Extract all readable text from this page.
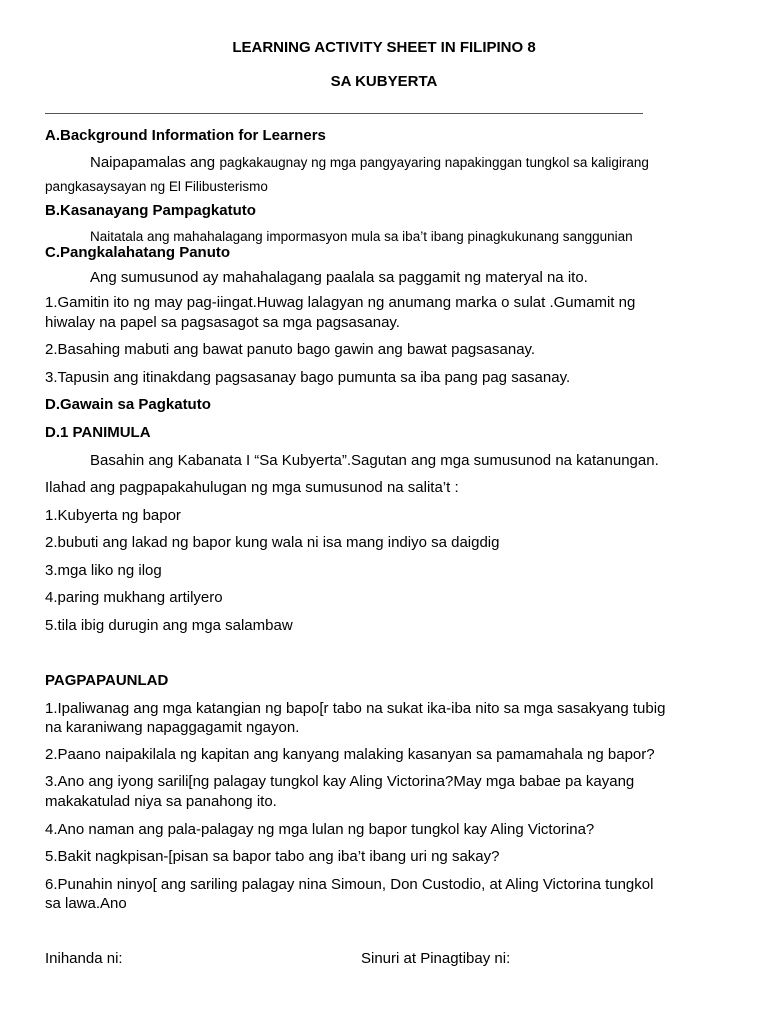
LEARNING ACTIVITY SHEET IN FILIPINO 8
SA KUBYERTA
A.Background Information for Learners
Naipapamalas ang pagkakaugnay ng mga pangyayaring napakinggan tungkol sa kaligirang
pangkasaysayan ng El Filibusterismo
B.Kasanayang Pampagkatuto
Naitatala ang mahahalagang impormasyon mula sa iba’t ibang pinagkukunang sanggunian
C.Pangkalahatang Panuto
Ang sumusunod ay mahahalagang paalala sa paggamit ng materyal na ito.
1.Gamitin ito ng may pag-iingat.Huwag lalagyan ng anumang marka o sulat .Gumamit ng
hiwalay na papel sa pagsasagot sa mga pagsasanay.
2.Basahing mabuti ang bawat panuto bago gawin ang bawat pagsasanay.
3.Tapusin ang itinakdang pagsasanay bago pumunta sa iba pang pag sasanay.
D.Gawain sa Pagkatuto
D.1 PANIMULA
Basahin ang Kabanata I “Sa Kubyerta”.Sagutan ang mga sumusunod na katanungan.
Ilahad ang pagpapakahulugan ng mga sumusunod na salita’t :
1.Kubyerta ng bapor
2.bubuti ang lakad ng bapor kung wala ni isa mang indiyo sa daigdig
3.mga liko ng ilog
4.paring mukhang artilyero
5.tila ibig durugin ang mga salambaw
PAGPAPAUNLAD
1.Ipaliwanag ang mga katangian ng bapo[r tabo na sukat ika-iba nito sa mga sasakyang tubig
na karaniwang napaggagamit ngayon.
2.Paano naipakilala ng kapitan ang kanyang malaking kasanyan sa pamamahala ng bapor?
3.Ano ang iyong sarili[ng palagay tungkol kay Aling Victorina?May mga babae pa kayang
makakatulad niya sa panahong ito.
4.Ano naman ang pala-palagay ng mga lulan ng bapor tungkol kay Aling Victorina?
5.Bakit nagkpisan-[pisan sa bapor tabo ang iba’t ibang uri ng sakay?
6.Punahin ninyo[ ang sariling palagay nina Simoun, Don Custodio, at Aling Victorina tungkol
sa lawa.Ano
Inihanda ni:	Sinuri at Pinagtibay ni:
